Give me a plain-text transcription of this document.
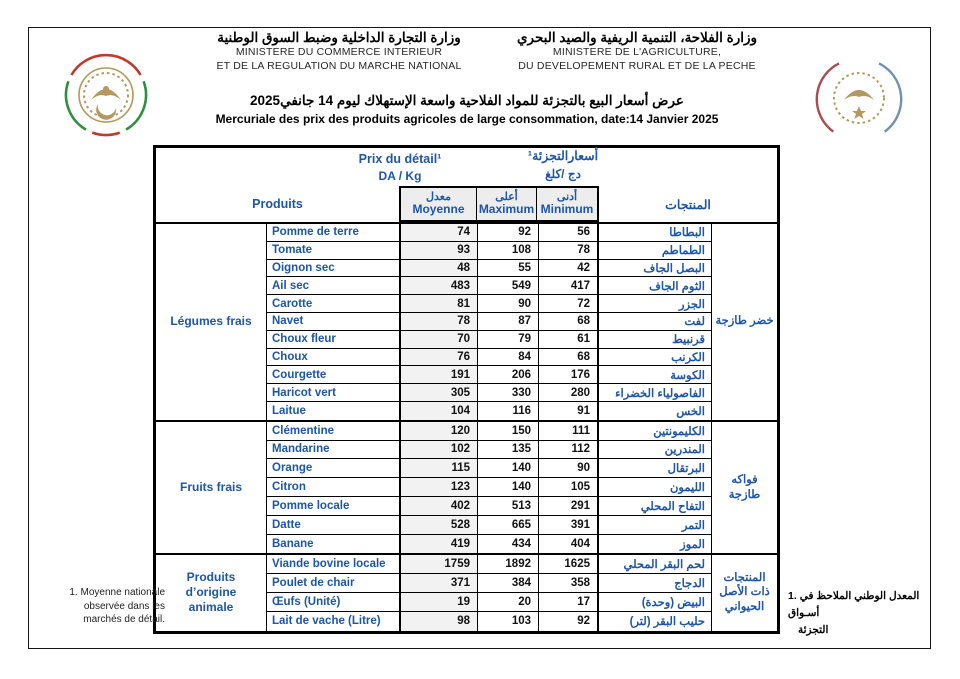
وزارة التجارة الداخلية وضبط السوق الوطنية
MINISTERE DU COMMERCE INTERIEUR
ET DE LA REGULATION DU MARCHE NATIONAL
وزارة الفلاحة، التنمية الريفية والصيد البحري
MINISTERE DE L'AGRICULTURE,
DU DEVELOPEMENT RURAL ET DE LA PECHE
عرض أسعار البيع بالتجزئة للمواد الفلاحية واسعة الإستهلاك ليوم 14 جانفي2025
Mercuriale des prix des produits agricoles de large consommation, date:14 Janvier 2025
Prix du détail¹
DA / Kg
أسعارالتجزئة¹
دج /كلغ
Produits
معدل
Moyenne
أعلى
Maximum
أدنى
Minimum	المنتجات
Légumes frais
Pomme de terre	74	92	56	البطاطا
Tomate	93	108	78	الطماطم
Oignon sec	48	55	42	البصل الجاف
Ail sec	483	549	417	الثوم الجاف
Carotte	81	90	72	الجزر
Navet	78	87	68	لفت
Choux fleur	70	79	61	قرنبيط
Choux	76	84	68	الكرنب
Courgette	191	206	176	الكوسة
Haricot vert	305	330	280	الفاصولياء الخضراء
Laitue	104	116	91	الخس
خضر طازجة
Fruits frais
Clémentine	120	150	111	الكليمونتين
Mandarine	102	135	112	المندرين
Orange	115	140	90	البرتقال
Citron	123	140	105	الليمون
Pomme locale	402	513	291	التفاح المحلي
Datte	528	665	391	التمر
Banane	419	434	404	الموز
فواكه طازجة
Produits d’origine animale
Viande bovine locale	1759	1892	1625	لحم البقر المحلي
Poulet de chair	371	384	358	الدجاج
Œufs (Unité)	19	20	17	البيض (وحدة)
Lait de vache (Litre)	98	103	92	حليب البقر (لتر)
المنتجات ذات الأصل الحيواني
1. Moyenne nationale
observée dans les
marchés de détail.
1. المعدل الوطني الملاحظ في أسـواق
التجزئة
